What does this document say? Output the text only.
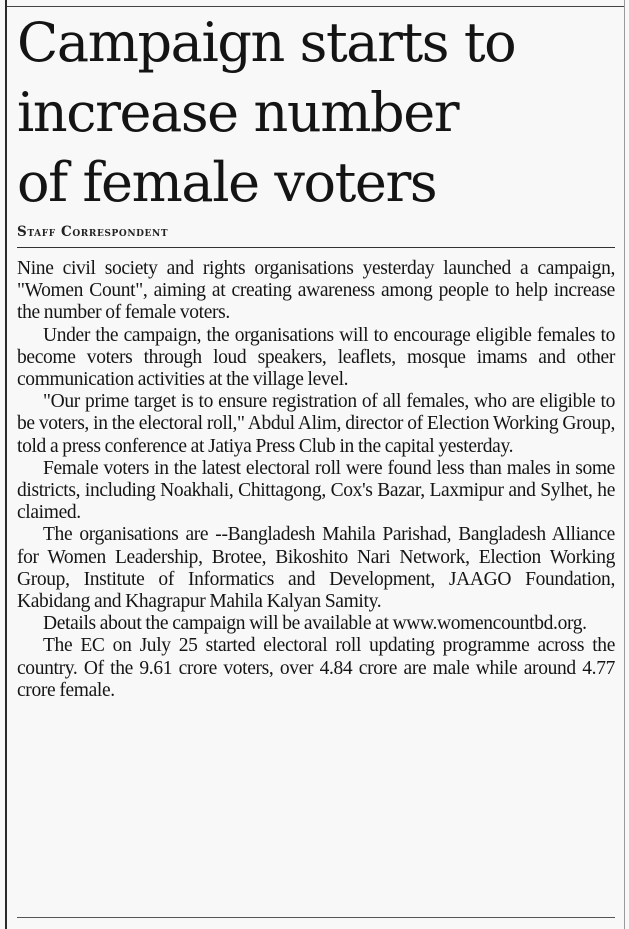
Campaign starts to
increase number
of female voters
Staff Correspondent

Nine civil society and rights organisations yesterday launched a campaign, "Women Count", aiming at creating awareness among people to help increase the number of female voters.

Under the campaign, the organisations will to encourage eligible females to become voters through loud speakers, leaflets, mosque imams and other communication activities at the village level.

"Our prime target is to ensure registration of all females, who are eligible to be voters, in the electoral roll," Abdul Alim, director of Election Working Group, told a press conference at Jatiya Press Club in the capital yesterday.

Female voters in the latest electoral roll were found less than males in some districts, including Noakhali, Chittagong, Cox's Bazar, Laxmipur and Sylhet, he claimed.

The organisations are --Bangladesh Mahila Parishad, Bangladesh Alliance for Women Leadership, Brotee, Bikoshito Nari Network, Election Working Group, Institute of Informatics and Development, JAAGO Foundation, Kabidang and Khagrapur Mahila Kalyan Samity.

Details about the campaign will be available at www.womencountbd.org.

The EC on July 25 started electoral roll updating programme across the country. Of the 9.61 crore voters, over 4.84 crore are male while around 4.77 crore female.
